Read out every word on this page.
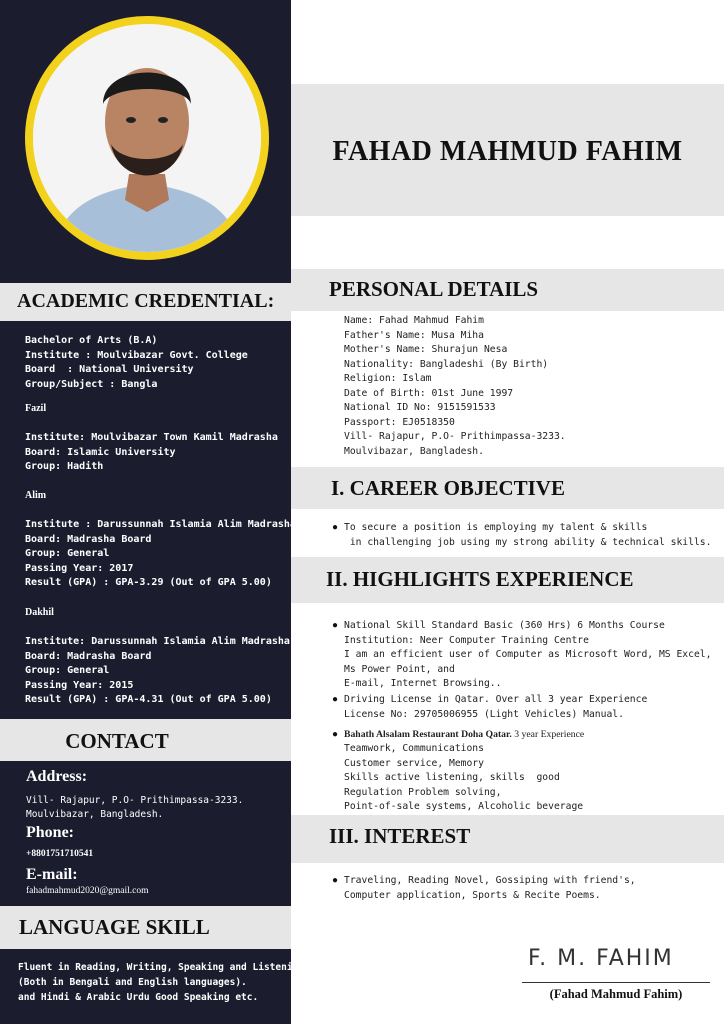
ACADEMIC CREDENTIAL:
Bachelor of Arts (B.A)
Institute : Moulvibazar Govt. College
Board  : National University
Group/Subject : Bangla
Fazil
Institute: Moulvibazar Town Kamil Madrasha
Board: Islamic University
Group: Hadith
Alim
Institute : Darussunnah Islamia Alim Madrasha
Board: Madrasha Board
Group: General
Passing Year: 2017
Result (GPA) : GPA-3.29 (Out of GPA 5.00)
Dakhil
Institute: Darussunnah Islamia Alim Madrasha
Board: Madrasha Board
Group: General
Passing Year: 2015
Result (GPA) : GPA-4.31 (Out of GPA 5.00)
CONTACT
Address:
Vill- Rajapur, P.O- Prithimpassa-3233.
Moulvibazar, Bangladesh.
Phone:
+8801751710541
E-mail:
fahadmahmud2020@gmail.com
LANGUAGE SKILL
Fluent in Reading, Writing, Speaking and Listening
(Both in Bengali and English languages).
and Hindi & Arabic Urdu Good Speaking etc.
FAHAD MAHMUD FAHIM
PERSONAL DETAILS
Name: Fahad Mahmud Fahim
Father's Name: Musa Miha
Mother's Name: Shurajun Nesa
Nationality: Bangladeshi (By Birth)
Religion: Islam
Date of Birth: 01st June 1997
National ID No: 9151591533
Passport: EJ0518350
Vill- Rajapur, P.O- Prithimpassa-3233.
Moulvibazar, Bangladesh.
I. CAREER OBJECTIVE
● To secure a position is employing my talent & skills
in challenging job using my strong ability & technical skills.
II. HIGHLIGHTS EXPERIENCE
● National Skill Standard Basic (360 Hrs) 6 Months Course
Institution: Neer Computer Training Centre
I am an efficient user of Computer as Microsoft Word, MS Excel,
Ms Power Point, and
E-mail, Internet Browsing..
● Driving License in Qatar. Over all 3 year Experience
License No: 29705006955 (Light Vehicles) Manual.
● Bahath Alsalam Restaurant Doha Qatar. 3 year Experience
Teamwork, Communications
Customer service, Memory
Skills active listening, skills  good
Regulation Problem solving,
Point-of-sale systems, Alcoholic beverage
III. INTEREST
● Traveling, Reading Novel, Gossiping with friend's,
Computer application, Sports & Recite Poems.
F. M. FAHIM
(Fahad Mahmud Fahim)
